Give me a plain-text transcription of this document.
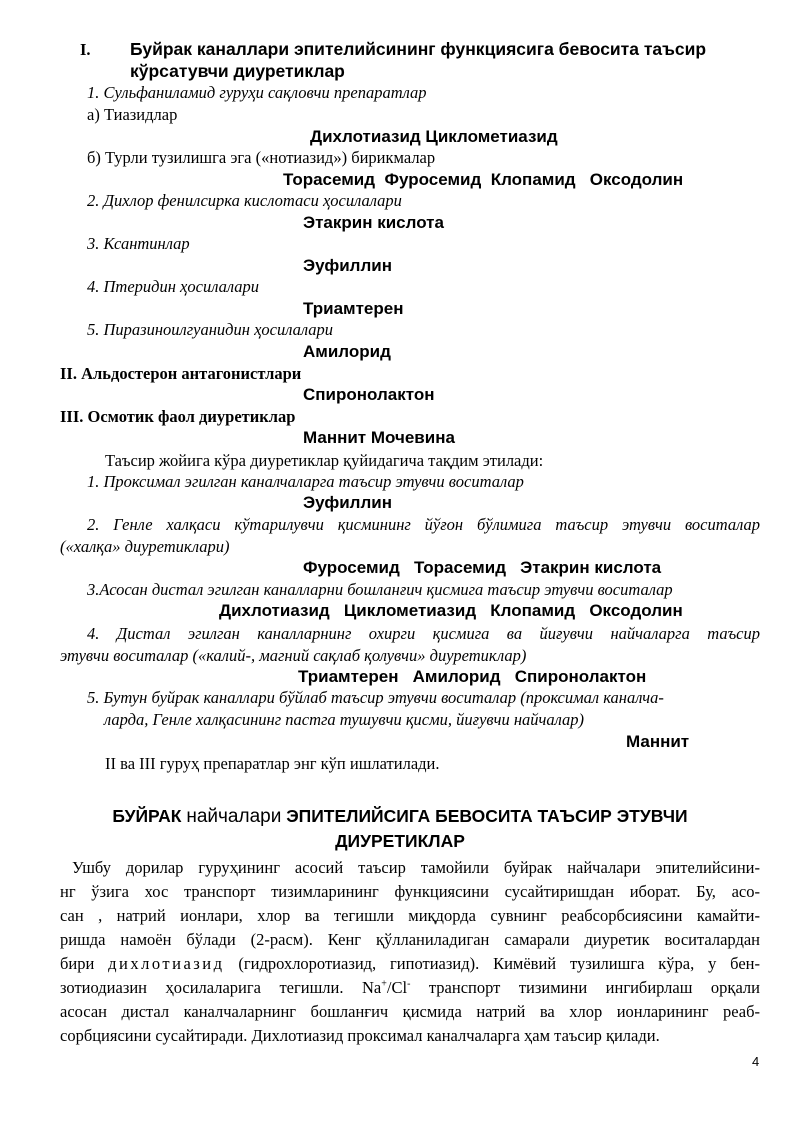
I. Буйрак каналлари эпителийсининг функциясига бевосита таъсир
кўрсатувчи диуретиклар
1. Сульфаниламид гуруҳи сақловчи препаратлар
а) Тиазидлар
Дихлотиазид Циклометиазид
б) Турли тузилишга эга («нотиазид») бирикмалар
Торасемид  Фуросемид  Клопамид   Оксодолин
2. Дихлор фенилсирка кислотаси ҳосилалари
Этакрин кислота
3. Ксантинлар
Эуфиллин
4. Птеридин ҳосилалари
Триамтерен
5. Пиразиноилгуанидин ҳосилалари
Амилорид
II. Альдостерон антагонистлари
Спиронолактон
III. Осмотик фаол диуретиклар
Маннит Мочевина
Таъсир жойига кўра диуретиклар қуйидагича тақдим этилади:
1. Проксимал эгилган каналчаларга таъсир этувчи воситалар
Эуфиллин
2. Генле халқаси кўтарилувчи қисмининг йўғон бўлимига таъсир этувчи воситалар
(«халқа» диуретиклари)
Фуросемид   Торасемид   Этакрин кислота
3.Асосан дистал эгилган каналларни бошланғич қисмига таъсир этувчи воситалар
Дихлотиазид   Циклометиазид   Клопамид   Оксодолин
4. Дистал эгилган каналларнинг охирги қисмига ва йиғувчи найчаларга таъсир
этувчи воситалар («калий-, магний сақлаб қолувчи» диуретиклар)
Триамтерен   Амилорид   Спиронолактон
5. Бутун буйрак каналлари бўйлаб таъсир этувчи воситалар (проксимал каналча-
ларда, Генле халқасининг пастга тушувчи қисми, йиғувчи найчалар)
Маннит
II ва III гуруҳ препаратлар энг кўп ишлатилади.
БУЙРАК найчалари ЭПИТЕЛИЙСИГА БЕВОСИТА ТАЪСИР ЭТУВЧИ
ДИУРЕТИКЛАР
Ушбу дорилар гуруҳининг асосий таъсир тамойили буйрак найчалари эпителийсини-
нг ўзига хос транспорт тизимларининг функциясини сусайтиришдан иборат. Бу, асо-
сан , натрий ионлари, хлор ва тегишли миқдорда сувнинг реабсорбсиясини камайти-
ришда намоён бўлади (2-расм). Кенг қўлланиладиган самарали диуретик воситалардан
бири дихлотиазид (гидрохлоротиазид, гипотиазид). Кимёвий тузилишга кўра, у бен-
зотиодиазин ҳосилаларига тегишли. Na+/Cl- транспорт тизимини ингибирлаш орқали
асосан дистал каналчаларнинг бошланғич қисмида натрий ва хлор ионларининг реаб-
сорбциясини сусайтиради. Дихлотиазид проксимал каналчаларга ҳам таъсир қилади.
4
